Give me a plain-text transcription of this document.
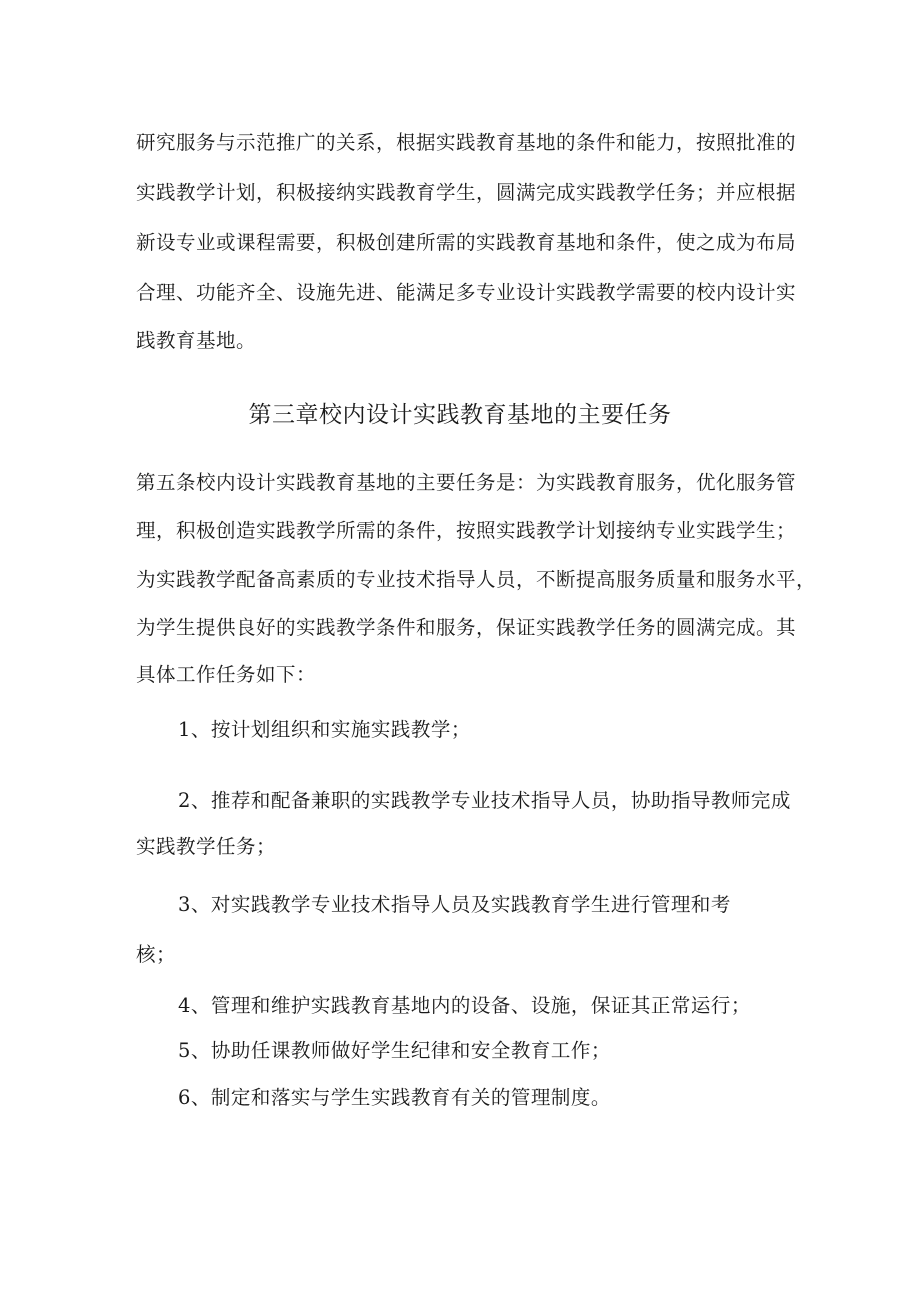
研究服务与示范推广的关系，根据实践教育基地的条件和能力，按照批准的
实践教学计划，积极接纳实践教育学生，圆满完成实践教学任务；并应根据
新设专业或课程需要，积极创建所需的实践教育基地和条件，使之成为布局
合理、功能齐全、设施先进、能满足多专业设计实践教学需要的校内设计实
践教育基地。
第三章校内设计实践教育基地的主要任务
第五条校内设计实践教育基地的主要任务是：为实践教育服务，优化服务管
理，积极创造实践教学所需的条件，按照实践教学计划接纳专业实践学生；
为实践教学配备高素质的专业技术指导人员，不断提高服务质量和服务水平，
为学生提供良好的实践教学条件和服务，保证实践教学任务的圆满完成。其
具体工作任务如下：
1、按计划组织和实施实践教学；
2、推荐和配备兼职的实践教学专业技术指导人员，协助指导教师完成
实践教学任务；
3、对实践教学专业技术指导人员及实践教育学生进行管理和考
核；
4、管理和维护实践教育基地内的设备、设施，保证其正常运行；
5、协助任课教师做好学生纪律和安全教育工作；
6、制定和落实与学生实践教育有关的管理制度。
